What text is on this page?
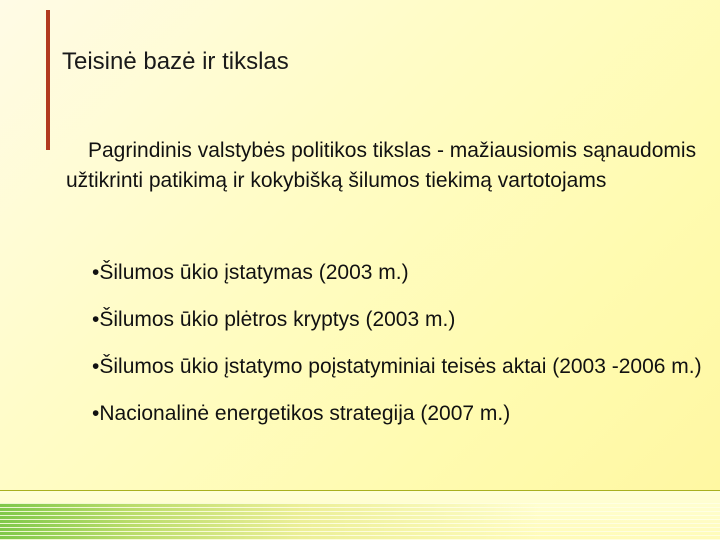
Teisinė bazė ir tikslas
Pagrindinis valstybės politikos tikslas - mažiausiomis sąnaudomis užtikrinti patikimą ir kokybišką šilumos tiekimą vartotojams
•Šilumos ūkio įstatymas (2003 m.)
•Šilumos ūkio plėtros kryptys (2003 m.)
•Šilumos ūkio įstatymo poįstatyminiai teisės aktai (2003 -2006 m.)
•Nacionalinė energetikos strategija (2007 m.)
